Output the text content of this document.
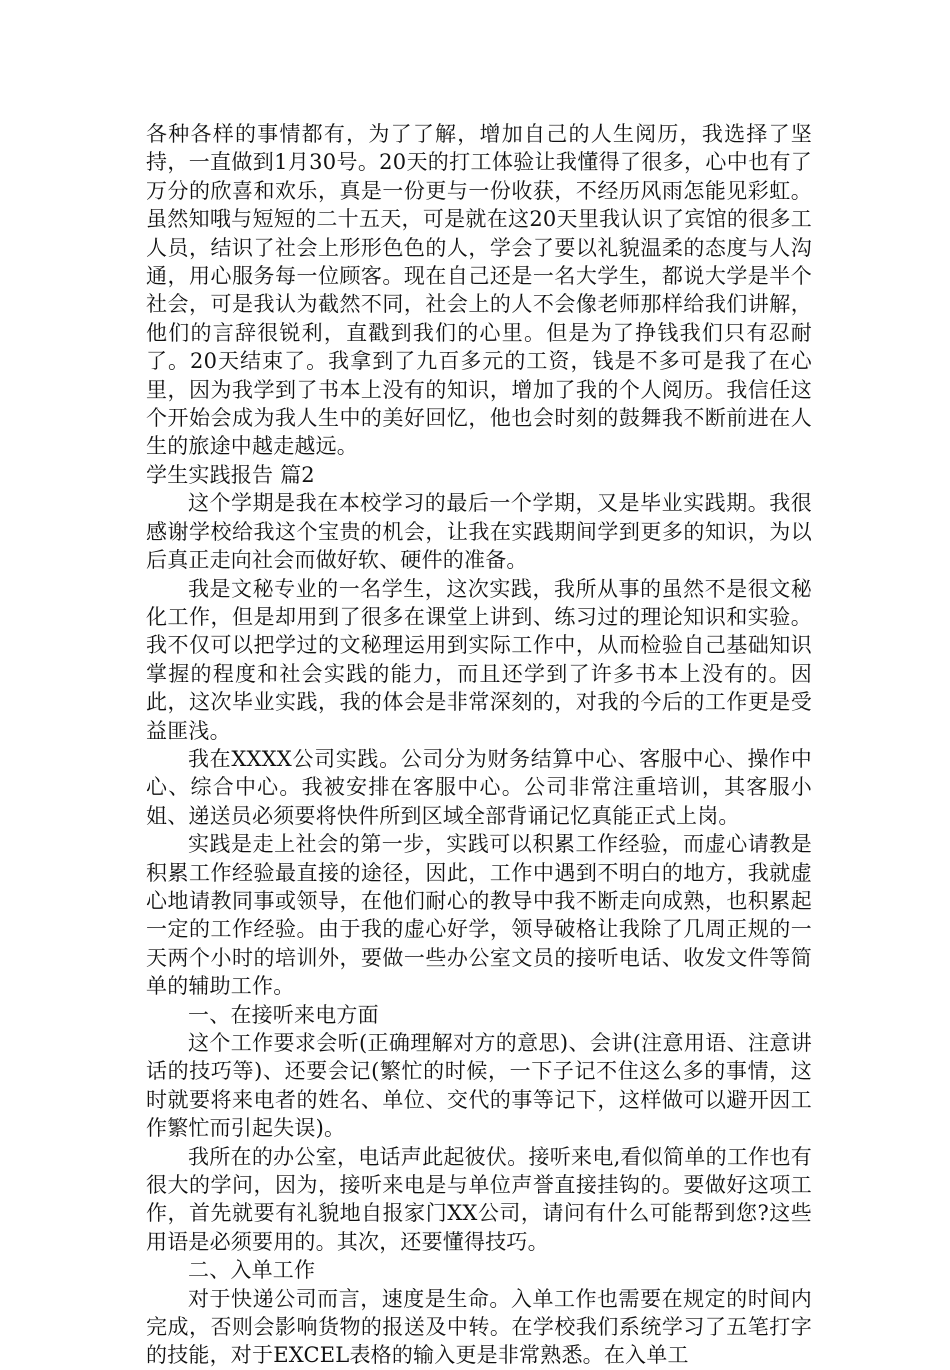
各种各样的事情都有，为了了解，增加自己的人生阅历，我选择了坚持，一直做到1月30号。20天的打工体验让我懂得了很多，心中也有了万分的欣喜和欢乐，真是一份更与一份收获，不经历风雨怎能见彩虹。虽然知哦与短短的二十五天，可是就在这20天里我认识了宾馆的很多工人员，结识了社会上形形色色的人，学会了要以礼貌温柔的态度与人沟通，用心服务每一位顾客。现在自己还是一名大学生，都说大学是半个社会，可是我认为截然不同，社会上的人不会像老师那样给我们讲解，他们的言辞很锐利，直戳到我们的心里。但是为了挣钱我们只有忍耐了。20天结束了。我拿到了九百多元的工资，钱是不多可是我了在心里，因为我学到了书本上没有的知识，增加了我的个人阅历。我信任这个开始会成为我人生中的美好回忆，他也会时刻的鼓舞我不断前进在人生的旅途中越走越远。

学生实践报告 篇2

这个学期是我在本校学习的最后一个学期，又是毕业实践期。我很感谢学校给我这个宝贵的机会，让我在实践期间学到更多的知识，为以后真正走向社会而做好软、硬件的准备。

我是文秘专业的一名学生，这次实践，我所从事的虽然不是很文秘化工作，但是却用到了很多在课堂上讲到、练习过的理论知识和实验。我不仅可以把学过的文秘理运用到实际工作中，从而检验自己基础知识掌握的程度和社会实践的能力，而且还学到了许多书本上没有的。因此，这次毕业实践，我的体会是非常深刻的，对我的今后的工作更是受益匪浅。

我在XXXX公司实践。公司分为财务结算中心、客服中心、操作中心、综合中心。我被安排在客服中心。公司非常注重培训，其客服小姐、递送员必须要将快件所到区域全部背诵记忆真能正式上岗。

实践是走上社会的第一步，实践可以积累工作经验，而虚心请教是积累工作经验最直接的途径，因此，工作中遇到不明白的地方，我就虚心地请教同事或领导，在他们耐心的教导中我不断走向成熟，也积累起一定的工作经验。由于我的虚心好学，领导破格让我除了几周正规的一天两个小时的培训外，要做一些办公室文员的接听电话、收发文件等简单的辅助工作。

一、在接听来电方面

这个工作要求会听(正确理解对方的意思)、会讲(注意用语、注意讲话的技巧等)、还要会记(繁忙的时候，一下子记不住这么多的事情，这时就要将来电者的姓名、单位、交代的事等记下，这样做可以避开因工作繁忙而引起失误)。

我所在的办公室，电话声此起彼伏。接听来电,看似简单的工作也有很大的学问，因为，接听来电是与单位声誉直接挂钩的。要做好这项工作，首先就要有礼貌地自报家门XX公司，请问有什么可能帮到您?这些用语是必须要用的。其次，还要懂得技巧。

二、入单工作

对于快递公司而言，速度是生命。入单工作也需要在规定的时间内完成，否则会影响货物的报送及中转。在学校我们系统学习了五笔打字的技能，对于EXCEL表格的输入更是非常熟悉。在入单工
